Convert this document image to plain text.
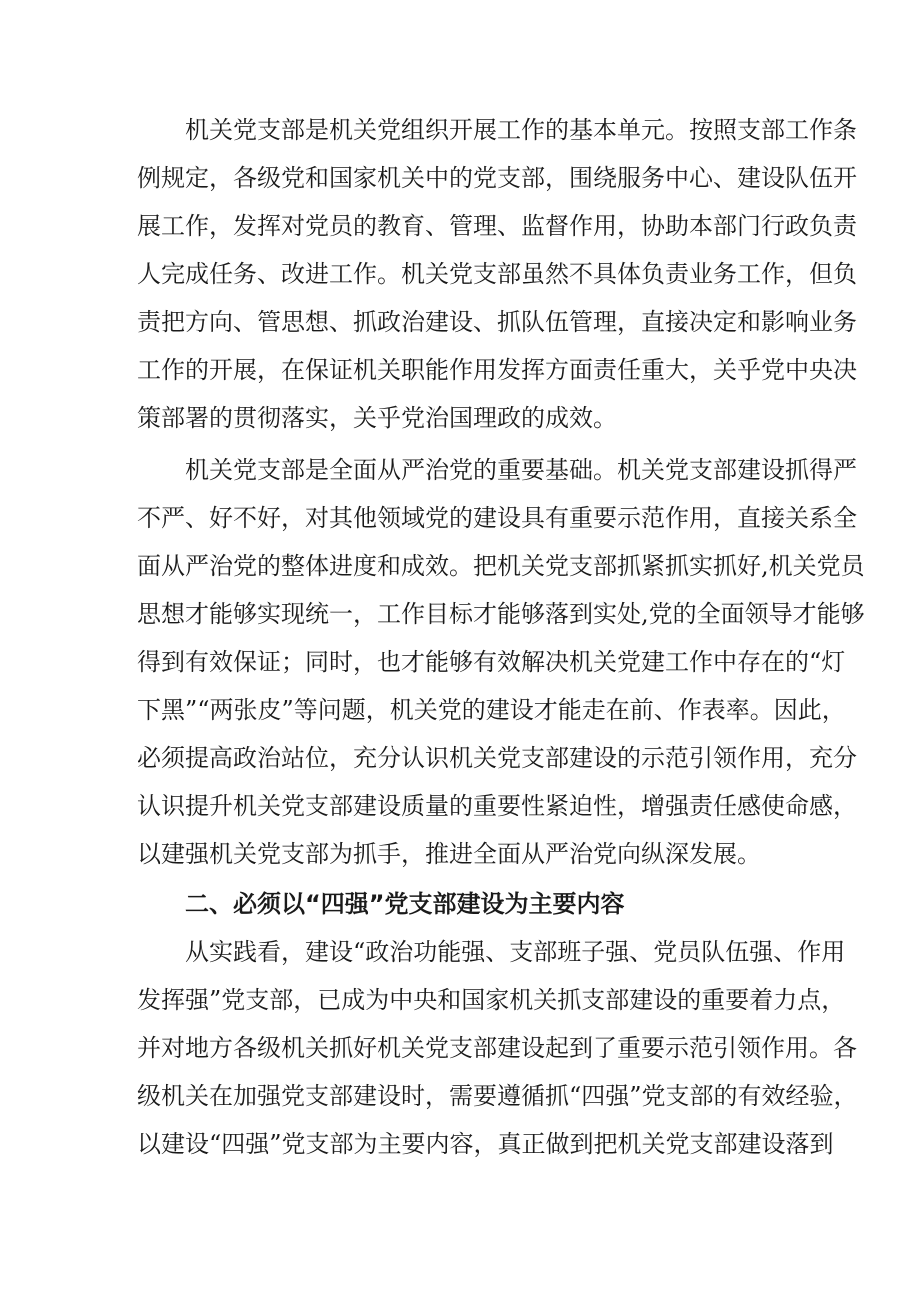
机关党支部是机关党组织开展工作的基本单元。按照支部工作条
例规定，各级党和国家机关中的党支部，围绕服务中心、建设队伍开
展工作，发挥对党员的教育、管理、监督作用，协助本部门行政负责
人完成任务、改进工作。机关党支部虽然不具体负责业务工作，但负
责把方向、管思想、抓政治建设、抓队伍管理，直接决定和影响业务
工作的开展，在保证机关职能作用发挥方面责任重大，关乎党中央决
策部署的贯彻落实，关乎党治国理政的成效。
机关党支部是全面从严治党的重要基础。机关党支部建设抓得严
不严、好不好，对其他领域党的建设具有重要示范作用，直接关系全
面从严治党的整体进度和成效。把机关党支部抓紧抓实抓好,机关党员
思想才能够实现统一，工作目标才能够落到实处,党的全面领导才能够
得到有效保证；同时，也才能够有效解决机关党建工作中存在的“灯
下黑”“两张皮”等问题，机关党的建设才能走在前、作表率。因此，
必须提高政治站位，充分认识机关党支部建设的示范引领作用，充分
认识提升机关党支部建设质量的重要性紧迫性，增强责任感使命感，
以建强机关党支部为抓手，推进全面从严治党向纵深发展。
二、必须以“四强”党支部建设为主要内容
从实践看，建设“政治功能强、支部班子强、党员队伍强、作用
发挥强”党支部，已成为中央和国家机关抓支部建设的重要着力点，
并对地方各级机关抓好机关党支部建设起到了重要示范引领作用。各
级机关在加强党支部建设时，需要遵循抓“四强”党支部的有效经验，
以建设“四强”党支部为主要内容，真正做到把机关党支部建设落到
